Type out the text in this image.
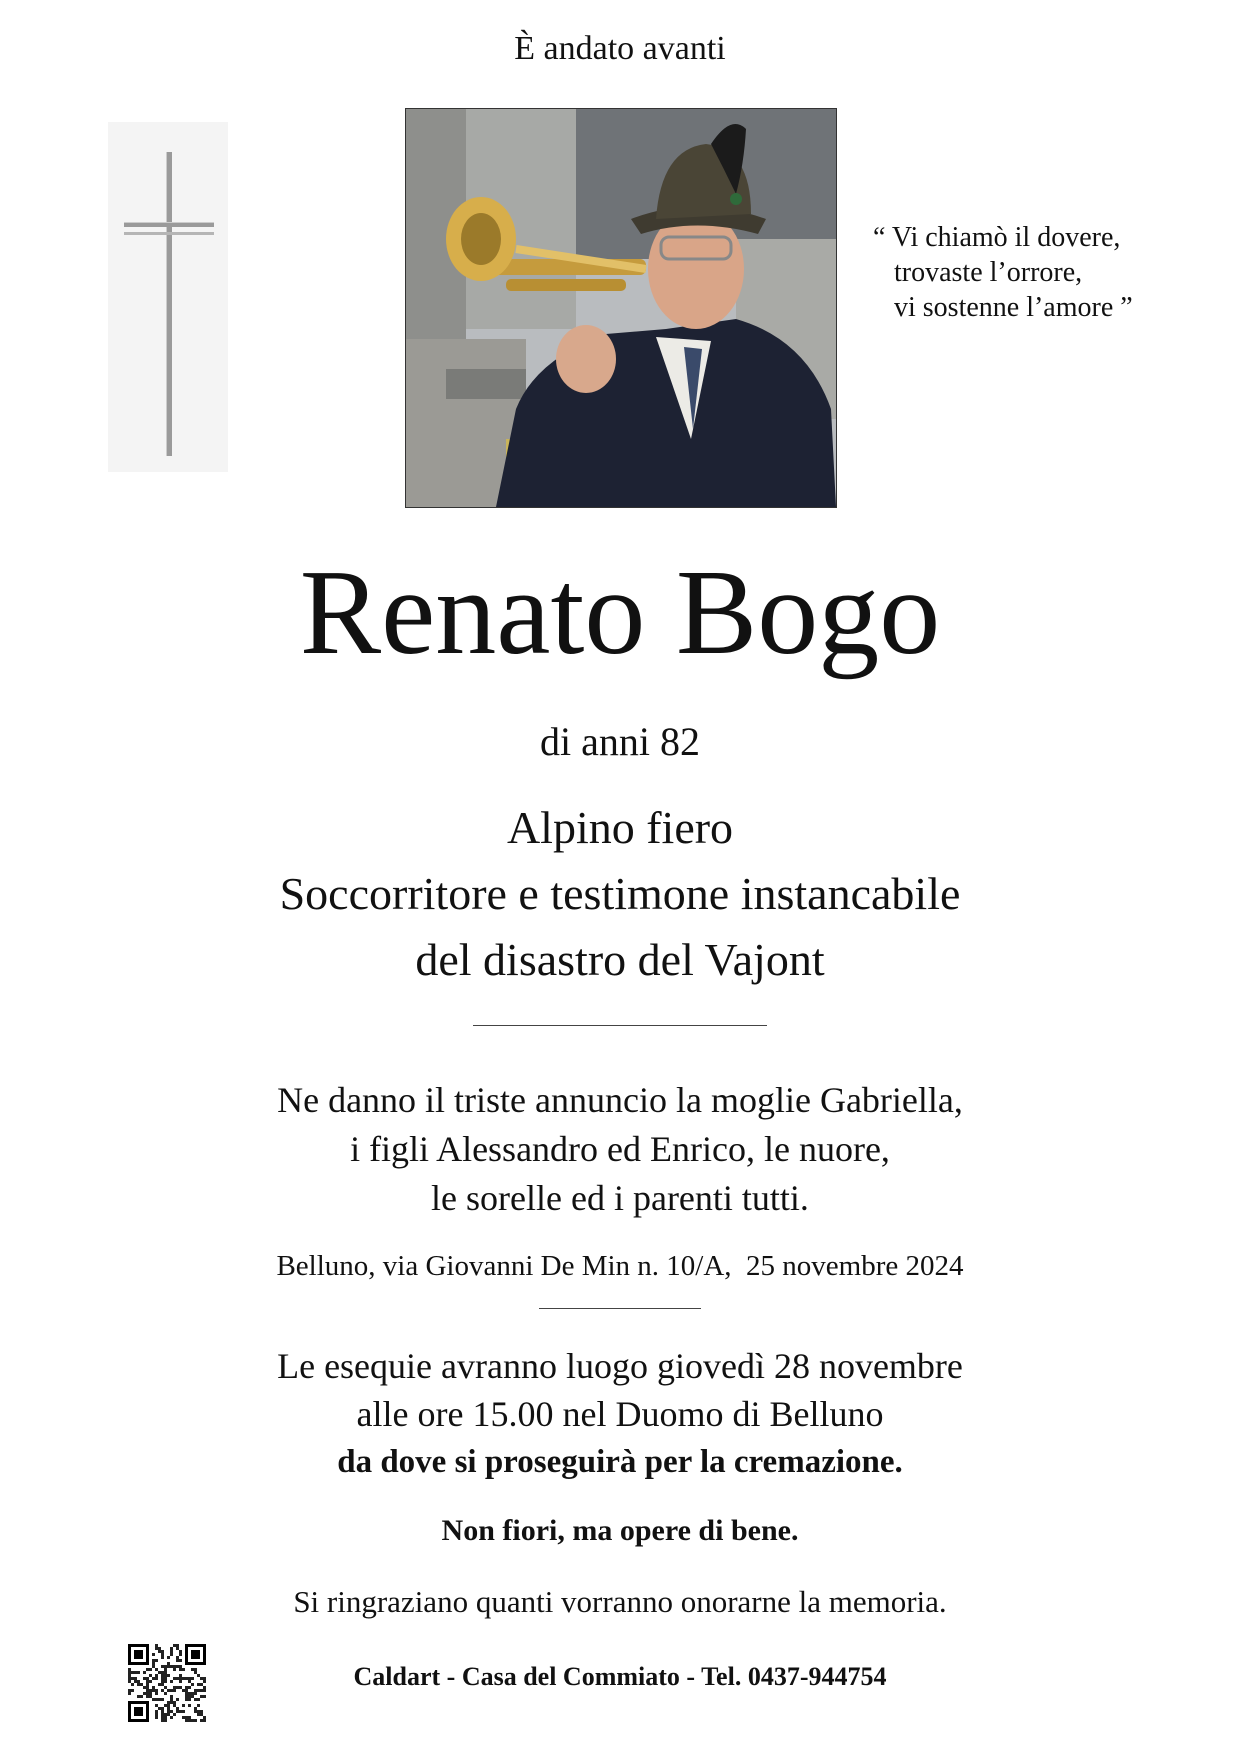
È andato avanti
“ Vi chiamò il dovere,
trovaste l’orrore,
vi sostenne l’amore ”
Renato Bogo
di anni 82
Alpino fiero
Soccorritore e testimone instancabile
del disastro del Vajont
Ne danno il triste annuncio la moglie Gabriella,
i figli Alessandro ed Enrico, le nuore,
le sorelle ed i parenti tutti.
Belluno, via Giovanni De Min n. 10/A,  25 novembre 2024
Le esequie avranno luogo giovedì 28 novembre
alle ore 15.00 nel Duomo di Belluno
da dove si proseguirà per la cremazione.
Non fiori, ma opere di bene.
Si ringraziano quanti vorranno onorarne la memoria.
Caldart - Casa del Commiato - Tel. 0437-944754
